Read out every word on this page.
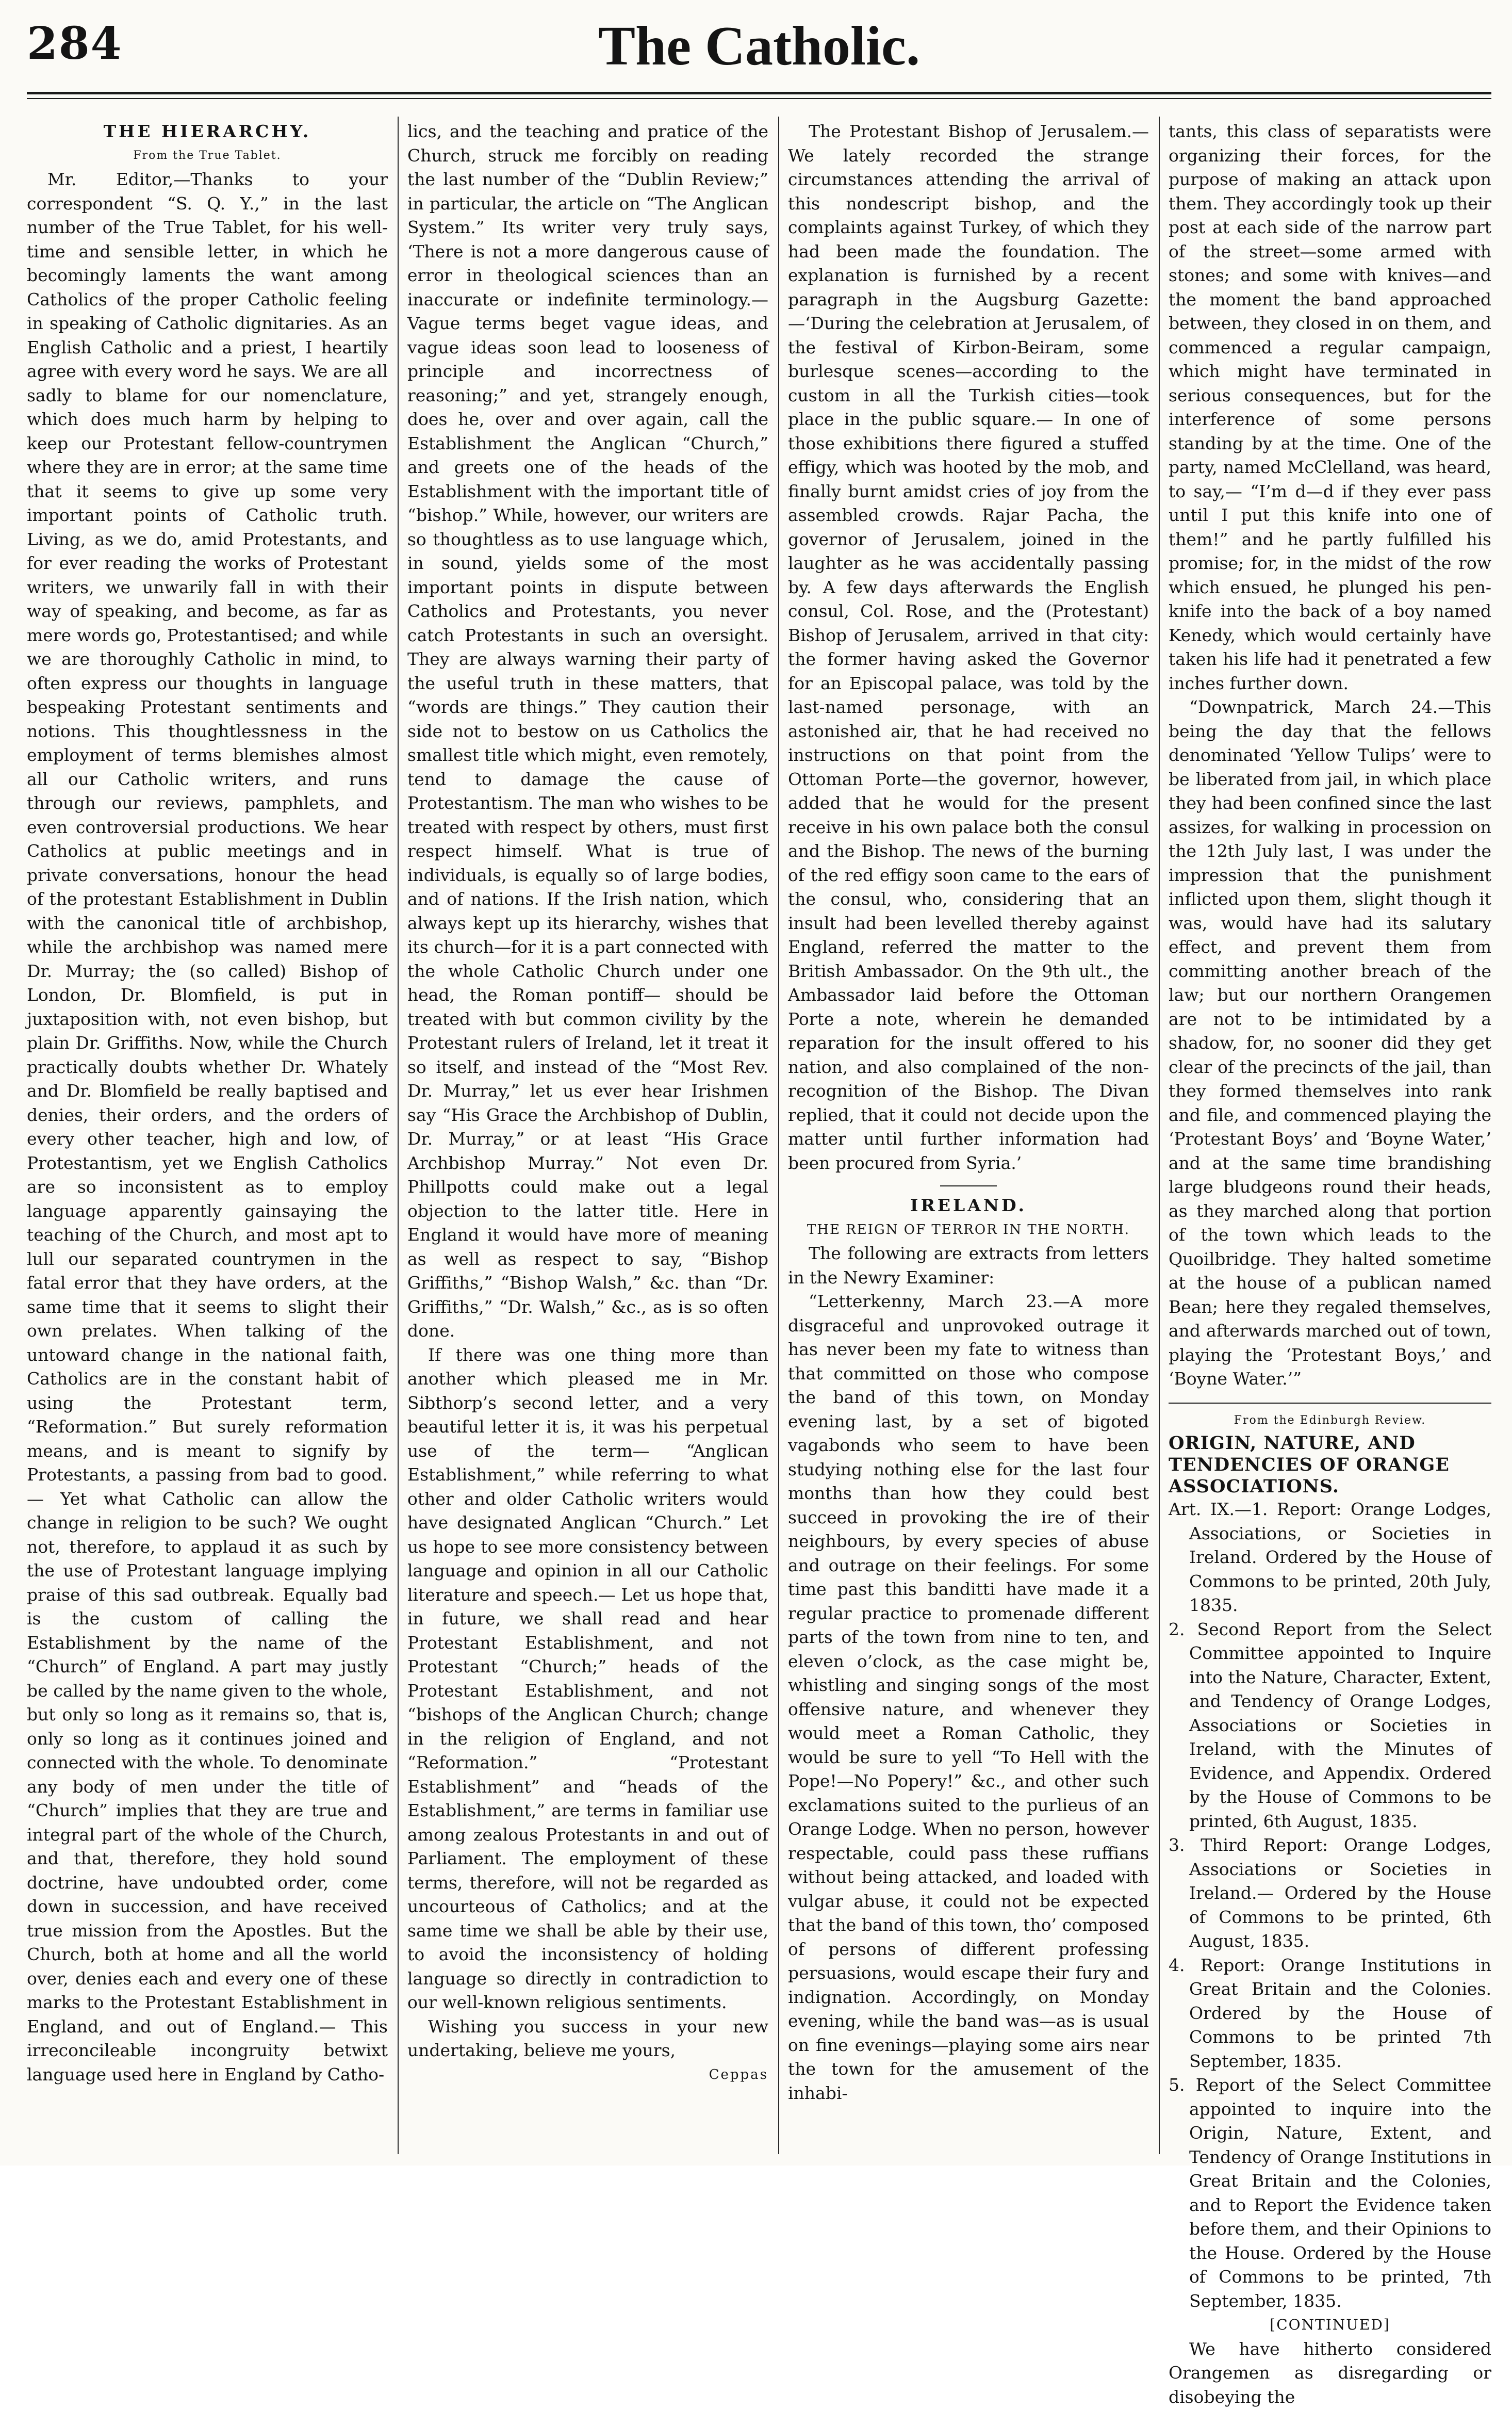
284	The Catholic.

THE HIERARCHY.

From the True Tablet.

Mr. Editor,—Thanks to your correspondent “S. Q. Y.,” in the last number of the True Tablet, for his well-time and sensible letter, in which he becomingly laments the want among Catholics of the proper Catholic feeling in speaking of Catholic dignitaries. As an English Catholic and a priest, I heartily agree with every word he says. We are all sadly to blame for our nomenclature, which does much harm by helping to keep our Protestant fellow-countrymen where they are in error; at the same time that it seems to give up some very important points of Catholic truth. Living, as we do, amid Protestants, and for ever reading the works of Protestant writers, we unwarily fall in with their way of speaking, and become, as far as mere words go, Protestantised; and while we are thoroughly Catholic in mind, to often express our thoughts in language bespeaking Protestant sentiments and notions. This thoughtlessness in the employment of terms blemishes almost all our Catholic writers, and runs through our reviews, pamphlets, and even controversial productions. We hear Catholics at public meetings and in private conversations, honour the head of the protestant Establishment in Dublin with the canonical title of archbishop, while the archbishop was named mere Dr. Murray; the (so called) Bishop of London, Dr. Blomfield, is put in juxtaposition with, not even bishop, but plain Dr. Griffiths. Now, while the Church practically doubts whether Dr. Whately and Dr. Blomfield be really baptised and denies, their orders, and the orders of every other teacher, high and low, of Protestantism, yet we English Catholics are so inconsistent as to employ language apparently gainsaying the teaching of the Church, and most apt to lull our separated countrymen in the fatal error that they have orders, at the same time that it seems to slight their own prelates. When talking of the untoward change in the national faith, Catholics are in the constant habit of using the Protestant term, “Reformation.” But surely reformation means, and is meant to signify by Protestants, a passing from bad to good.— Yet what Catholic can allow the change in religion to be such? We ought not, therefore, to applaud it as such by the use of Protestant language implying praise of this sad outbreak. Equally bad is the custom of calling the Establishment by the name of the “Church” of England. A part may justly be called by the name given to the whole, but only so long as it remains so, that is, only so long as it continues joined and connected with the whole. To denominate any body of men under the title of “Church” implies that they are true and integral part of the whole of the Church, and that, therefore, they hold sound doctrine, have undoubted order, come down in succession, and have received true mission from the Apostles. But the Church, both at home and all the world over, denies each and every one of these marks to the Protestant Establishment in England, and out of England.— This irreconcileable incongruity betwixt language used here in England by Catho-

lics, and the teaching and pratice of the Church, struck me forcibly on reading the last number of the “Dublin Review;” in particular, the article on “The Anglican System.” Its writer very truly says, ‘There is not a more dangerous cause of error in theological sciences than an inaccurate or indefinite terminology.— Vague terms beget vague ideas, and vague ideas soon lead to looseness of principle and incorrectness of reasoning;” and yet, strangely enough, does he, over and over again, call the Establishment the Anglican “Church,” and greets one of the heads of the Establishment with the important title of “bishop.” While, however, our writers are so thoughtless as to use language which, in sound, yields some of the most important points in dispute between Catholics and Protestants, you never catch Protestants in such an oversight. They are always warning their party of the useful truth in these matters, that “words are things.” They caution their side not to bestow on us Catholics the smallest title which might, even remotely, tend to damage the cause of Protestantism. The man who wishes to be treated with respect by others, must first respect himself. What is true of individuals, is equally so of large bodies, and of nations. If the Irish nation, which always kept up its hierarchy, wishes that its church—for it is a part connected with the whole Catholic Church under one head, the Roman pontiff— should be treated with but common civility by the Protestant rulers of Ireland, let it treat it so itself, and instead of the “Most Rev. Dr. Murray,” let us ever hear Irishmen say “His Grace the Archbishop of Dublin, Dr. Murray,” or at least “His Grace Archbishop Murray.” Not even Dr. Phillpotts could make out a legal objection to the latter title. Here in England it would have more of meaning as well as respect to say, “Bishop Griffiths,” “Bishop Walsh,” &c. than “Dr. Griffiths,” “Dr. Walsh,” &c., as is so often done.

If there was one thing more than another which pleased me in Mr. Sibthorp’s second letter, and a very beautiful letter it is, it was his perpetual use of the term— “Anglican Establishment,” while referring to what other and older Catholic writers would have designated Anglican “Church.” Let us hope to see more consistency between language and opinion in all our Catholic literature and speech.— Let us hope that, in future, we shall read and hear Protestant Establishment, and not Protestant “Church;” heads of the Protestant Establishment, and not “bishops of the Anglican Church; change in the religion of England, and not “Reformation.” “Protestant Establishment” and “heads of the Establishment,” are terms in familiar use among zealous Protestants in and out of Parliament. The employment of these terms, therefore, will not be regarded as uncourteous of Catholics; and at the same time we shall be able by their use, to avoid the inconsistency of holding language so directly in contradiction to our well-known religious sentiments.

Wishing you success in your new undertaking, believe me yours,

Ceppas

The Protestant Bishop of Jerusalem.—We lately recorded the strange circumstances attending the arrival of this nondescript bishop, and the complaints against Turkey, of which they had been made the foundation. The explanation is furnished by a recent paragraph in the Augsburg Gazette:—‘During the celebration at Jerusalem, of the festival of Kirbon-Beiram, some burlesque scenes—according to the custom in all the Turkish cities—took place in the public square.— In one of those exhibitions there figured a stuffed effigy, which was hooted by the mob, and finally burnt amidst cries of joy from the assembled crowds. Rajar Pacha, the governor of Jerusalem, joined in the laughter as he was accidentally passing by. A few days afterwards the English consul, Col. Rose, and the (Protestant) Bishop of Jerusalem, arrived in that city: the former having asked the Governor for an Episcopal palace, was told by the last-named personage, with an astonished air, that he had received no instructions on that point from the Ottoman Porte—the governor, however, added that he would for the present receive in his own palace both the consul and the Bishop. The news of the burning of the red effigy soon came to the ears of the consul, who, considering that an insult had been levelled thereby against England, referred the matter to the British Ambassador. On the 9th ult., the Ambassador laid before the Ottoman Porte a note, wherein he demanded reparation for the insult offered to his nation, and also complained of the non-recognition of the Bishop. The Divan replied, that it could not decide upon the matter until further information had been procured from Syria.’

IRELAND.

THE REIGN OF TERROR IN THE NORTH.

The following are extracts from letters in the Newry Examiner:

“Letterkenny, March 23.—A more disgraceful and unprovoked outrage it has never been my fate to witness than that committed on those who compose the band of this town, on Monday evening last, by a set of bigoted vagabonds who seem to have been studying nothing else for the last four months than how they could best succeed in provoking the ire of their neighbours, by every species of abuse and outrage on their feelings. For some time past this banditti have made it a regular practice to promenade different parts of the town from nine to ten, and eleven o’clock, as the case might be, whistling and singing songs of the most offensive nature, and whenever they would meet a Roman Catholic, they would be sure to yell “To Hell with the Pope!—No Popery!” &c., and other such exclamations suited to the purlieus of an Orange Lodge. When no person, however respectable, could pass these ruffians without being attacked, and loaded with vulgar abuse, it could not be expected that the band of this town, tho’ composed of persons of different professing persuasions, would escape their fury and indignation. Accordingly, on Monday evening, while the band was—as is usual on fine evenings—playing some airs near the town for the amusement of the inhabi-

tants, this class of separatists were organizing their forces, for the purpose of making an attack upon them. They accordingly took up their post at each side of the narrow part of the street—some armed with stones; and some with knives—and the moment the band approached between, they closed in on them, and commenced a regular campaign, which might have terminated in serious consequences, but for the interference of some persons standing by at the time. One of the party, named McClelland, was heard, to say,— “I’m d—d if they ever pass until I put this knife into one of them!” and he partly fulfilled his promise; for, in the midst of the row which ensued, he plunged his pen-knife into the back of a boy named Kenedy, which would certainly have taken his life had it penetrated a few inches further down.

“Downpatrick, March 24.—This being the day that the fellows denominated ‘Yellow Tulips’ were to be liberated from jail, in which place they had been confined since the last assizes, for walking in procession on the 12th July last, I was under the impression that the punishment inflicted upon them, slight though it was, would have had its salutary effect, and prevent them from committing another breach of the law; but our northern Orangemen are not to be intimidated by a shadow, for, no sooner did they get clear of the precincts of the jail, than they formed themselves into rank and file, and commenced playing the ‘Protestant Boys’ and ‘Boyne Water,’ and at the same time brandishing large bludgeons round their heads, as they marched along that portion of the town which leads to the Quoilbridge. They halted sometime at the house of a publican named Bean; here they regaled themselves, and afterwards marched out of town, playing the ‘Protestant Boys,’ and ‘Boyne Water.’”

From the Edinburgh Review.

ORIGIN, NATURE, AND TENDENCIES OF ORANGE ASSOCIATIONS.

Art. IX.—1. Report: Orange Lodges, Associations, or Societies in Ireland. Ordered by the House of Commons to be printed, 20th July, 1835.

2. Second Report from the Select Committee appointed to Inquire into the Nature, Character, Extent, and Tendency of Orange Lodges, Associations or Societies in Ireland, with the Minutes of Evidence, and Appendix. Ordered by the House of Commons to be printed, 6th August, 1835.

3. Third Report: Orange Lodges, Associations or Societies in Ireland.— Ordered by the House of Commons to be printed, 6th August, 1835.

4. Report: Orange Institutions in Great Britain and the Colonies. Ordered by the House of Commons to be printed 7th September, 1835.

5. Report of the Select Committee appointed to inquire into the Origin, Nature, Extent, and Tendency of Orange Institutions in Great Britain and the Colonies, and to Report the Evidence taken before them, and their Opinions to the House. Ordered by the House of Commons to be printed, 7th September, 1835.

[CONTINUED]

We have hitherto considered Orangemen as disregarding or disobeying the
